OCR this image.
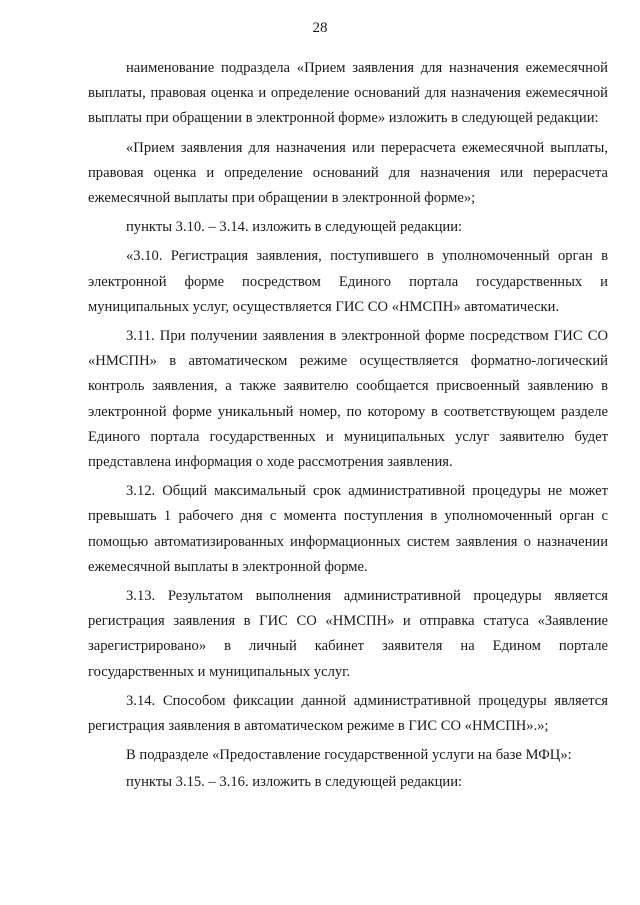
28

наименование подраздела «Прием заявления для назначения ежемесячной выплаты, правовая оценка и определение оснований для назначения ежемесячной выплаты при обращении в электронной форме» изложить в следующей редакции:

«Прием заявления для назначения или перерасчета ежемесячной выплаты, правовая оценка и определение оснований для назначения или перерасчета ежемесячной выплаты при обращении в электронной форме»;

пункты 3.10. – 3.14. изложить в следующей редакции:

«3.10. Регистрация заявления, поступившего в уполномоченный орган в электронной форме посредством Единого портала государственных и муниципальных услуг, осуществляется ГИС СО «НМСПН» автоматически.

3.11. При получении заявления в электронной форме посредством ГИС СО «НМСПН» в автоматическом режиме осуществляется форматно-логический контроль заявления, а также заявителю сообщается присвоенный заявлению в электронной форме уникальный номер, по которому в соответствующем разделе Единого портала государственных и муниципальных услуг заявителю будет представлена информация о ходе рассмотрения заявления.

3.12. Общий максимальный срок административной процедуры не может превышать 1 рабочего дня с момента поступления в уполномоченный орган с помощью автоматизированных информационных систем заявления о назначении ежемесячной выплаты в электронной форме.

3.13. Результатом выполнения административной процедуры является регистрация заявления в ГИС СО «НМСПН» и отправка статуса «Заявление зарегистрировано» в личный кабинет заявителя на Едином портале государственных и муниципальных услуг.

3.14. Способом фиксации данной административной процедуры является регистрация заявления в автоматическом режиме в ГИС СО «НМСПН».»;

В подразделе «Предоставление государственной услуги на базе МФЦ»:

пункты 3.15. – 3.16. изложить в следующей редакции:
